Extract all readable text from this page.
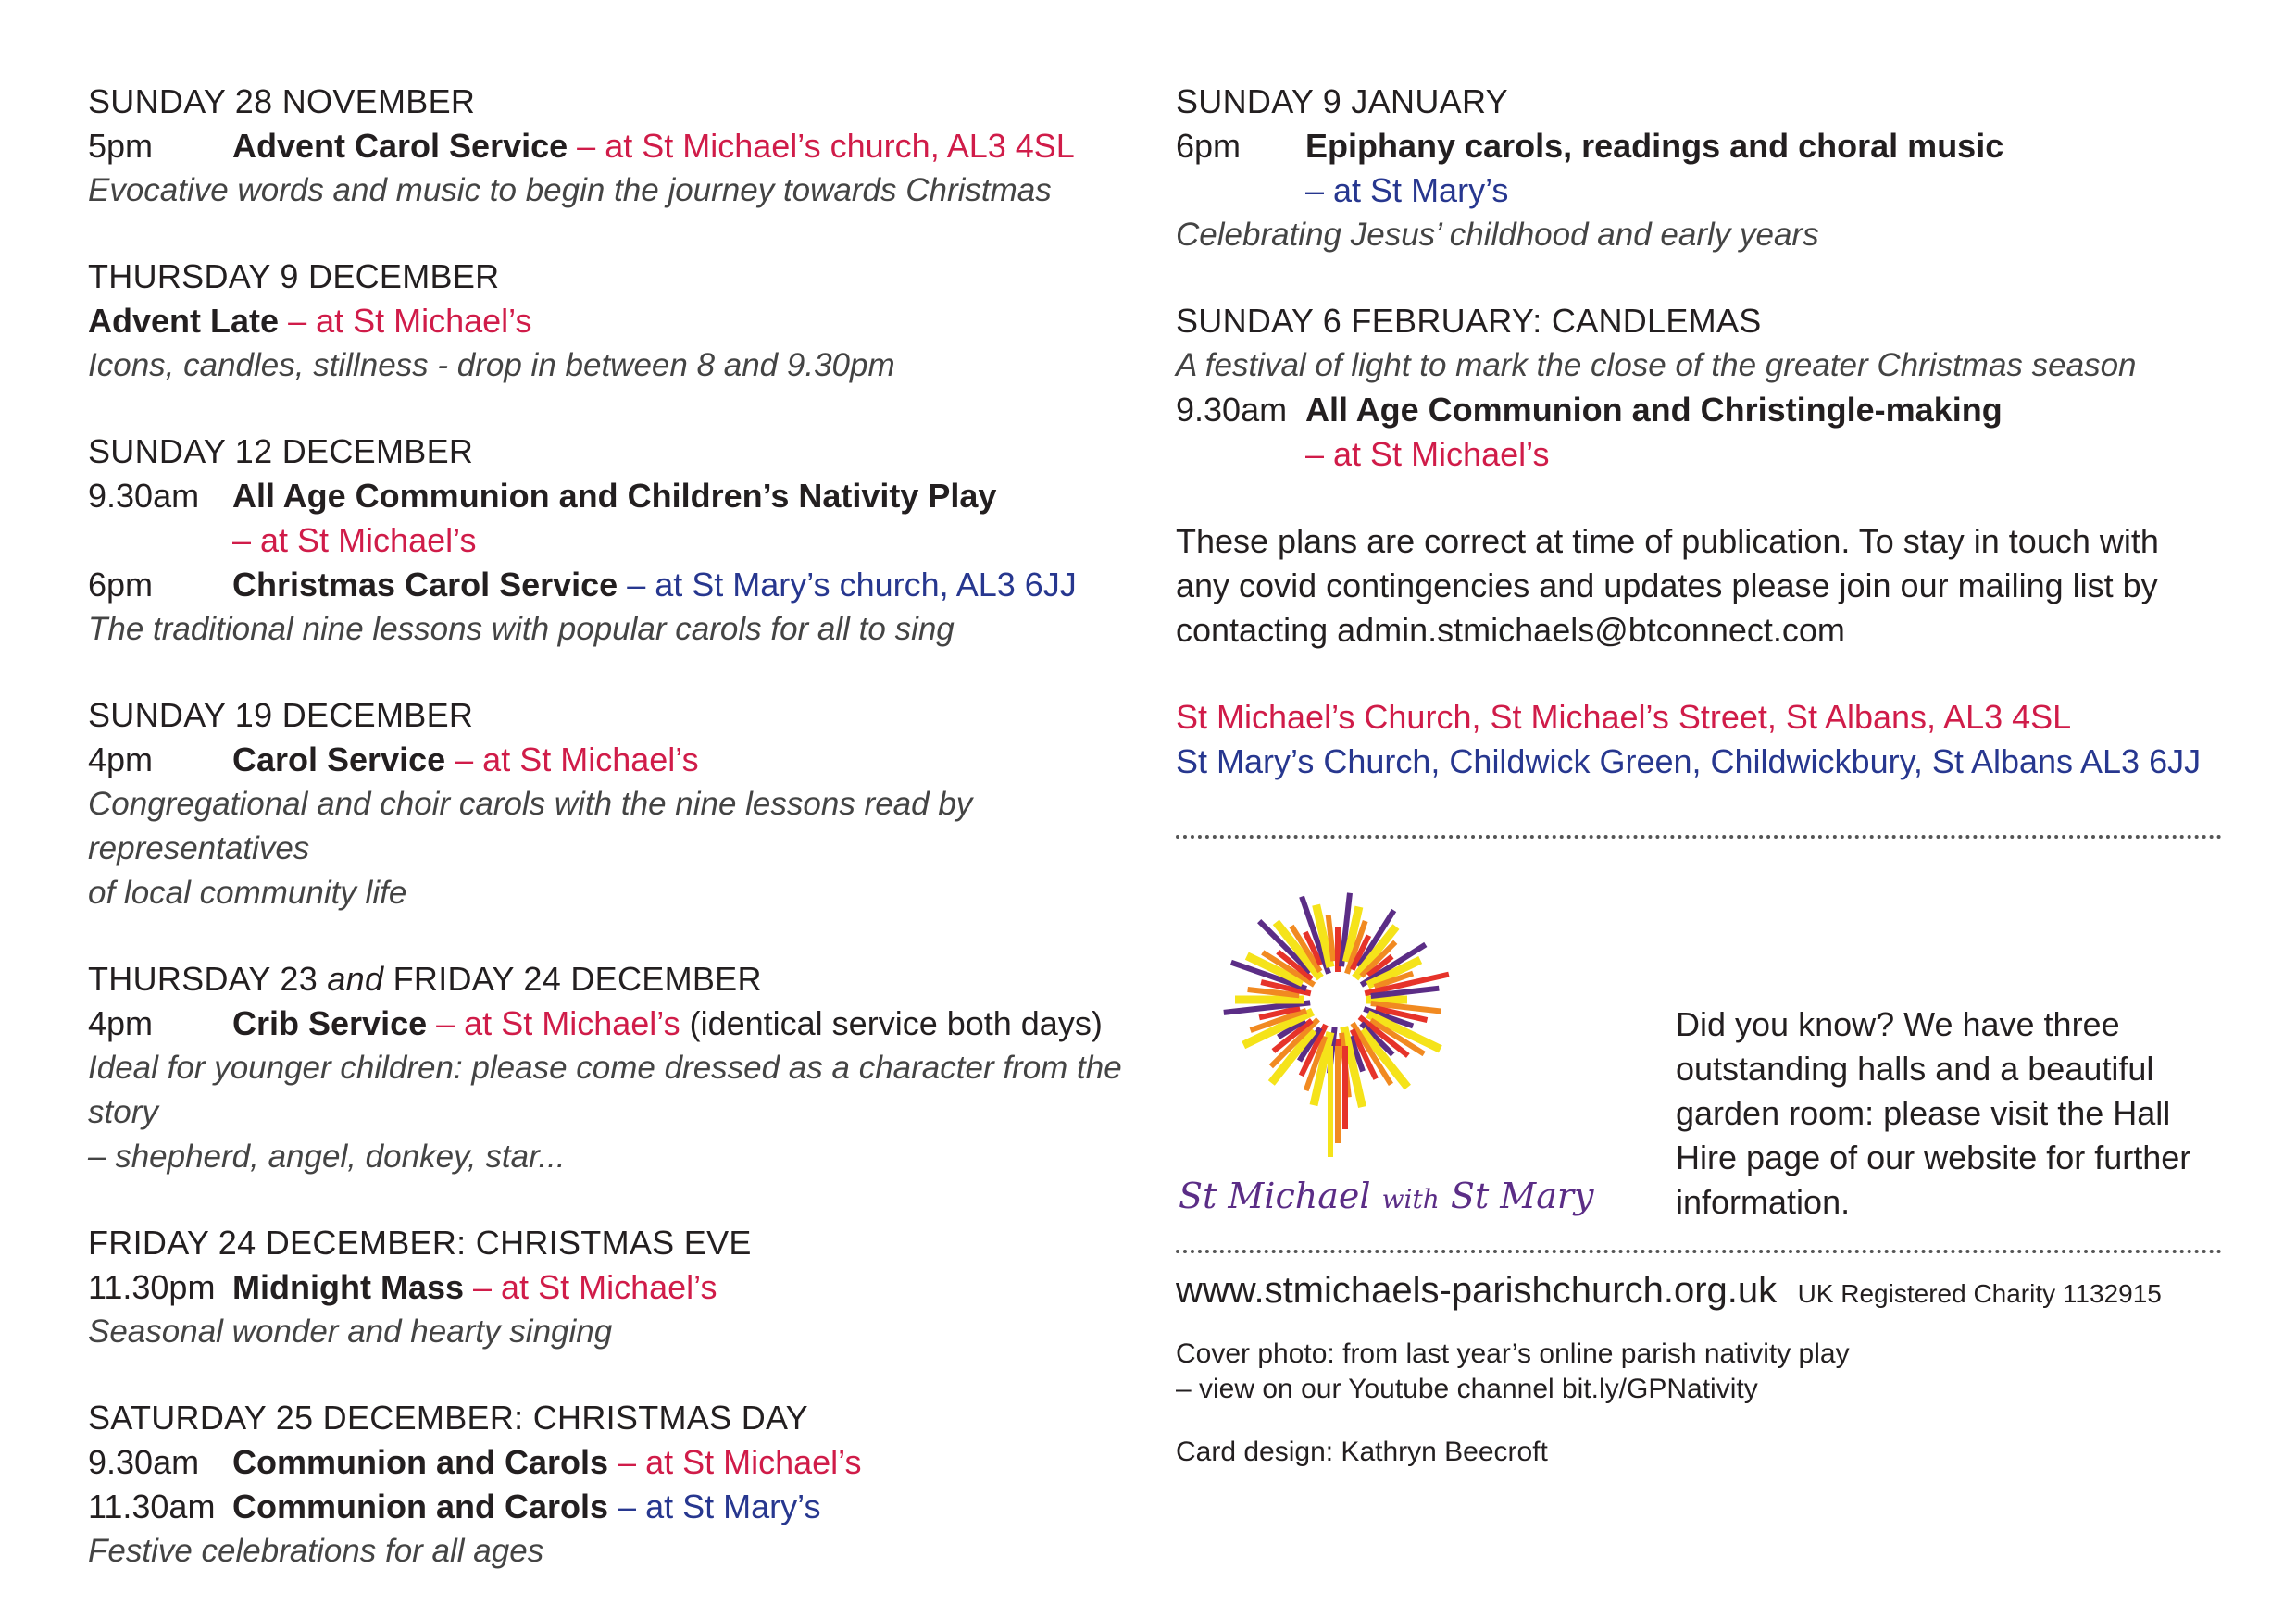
SUNDAY 28 NOVEMBER
5pm Advent Carol Service – at St Michael’s church, AL3 4SL
Evocative words and music to begin the journey towards Christmas
THURSDAY 9 DECEMBER
Advent Late – at St Michael’s
Icons, candles, stillness - drop in between 8 and 9.30pm
SUNDAY 12 DECEMBER
9.30am All Age Communion and Children’s Nativity Play
– at St Michael’s
6pm Christmas Carol Service – at St Mary’s church, AL3 6JJ
The traditional nine lessons with popular carols for all to sing
SUNDAY 19 DECEMBER
4pm Carol Service – at St Michael’s
Congregational and choir carols with the nine lessons read by representatives
of local community life
THURSDAY 23 and FRIDAY 24 DECEMBER
4pm Crib Service – at St Michael’s (identical service both days)
Ideal for younger children: please come dressed as a character from the story
– shepherd, angel, donkey, star...
FRIDAY 24 DECEMBER: CHRISTMAS EVE
11.30pm Midnight Mass – at St Michael’s
Seasonal wonder and hearty singing
SATURDAY 25 DECEMBER: CHRISTMAS DAY
9.30am Communion and Carols – at St Michael’s
11.30am Communion and Carols – at St Mary’s
Festive celebrations for all ages
SUNDAY 9 JANUARY
6pm Epiphany carols, readings and choral music
– at St Mary’s
Celebrating Jesus’ childhood and early years
SUNDAY 6 FEBRUARY: CANDLEMAS
A festival of light to mark the close of the greater Christmas season
9.30am All Age Communion and Christingle-making
– at St Michael’s
These plans are correct at time of publication. To stay in touch with
any covid contingencies and updates please join our mailing list by
contacting admin.stmichaels@btconnect.com
St Michael’s Church, St Michael’s Street, St Albans, AL3 4SL
St Mary’s Church, Childwick Green, Childwickbury, St Albans AL3 6JJ
St Michael with St Mary
Did you know? We have three
outstanding halls and a beautiful
garden room: please visit the Hall
Hire page of our website for further
information.
www.stmichaels-parishchurch.org.uk UK Registered Charity 1132915
Cover photo: from last year’s online parish nativity play
– view on our Youtube channel bit.ly/GPNativity
Card design: Kathryn Beecroft
